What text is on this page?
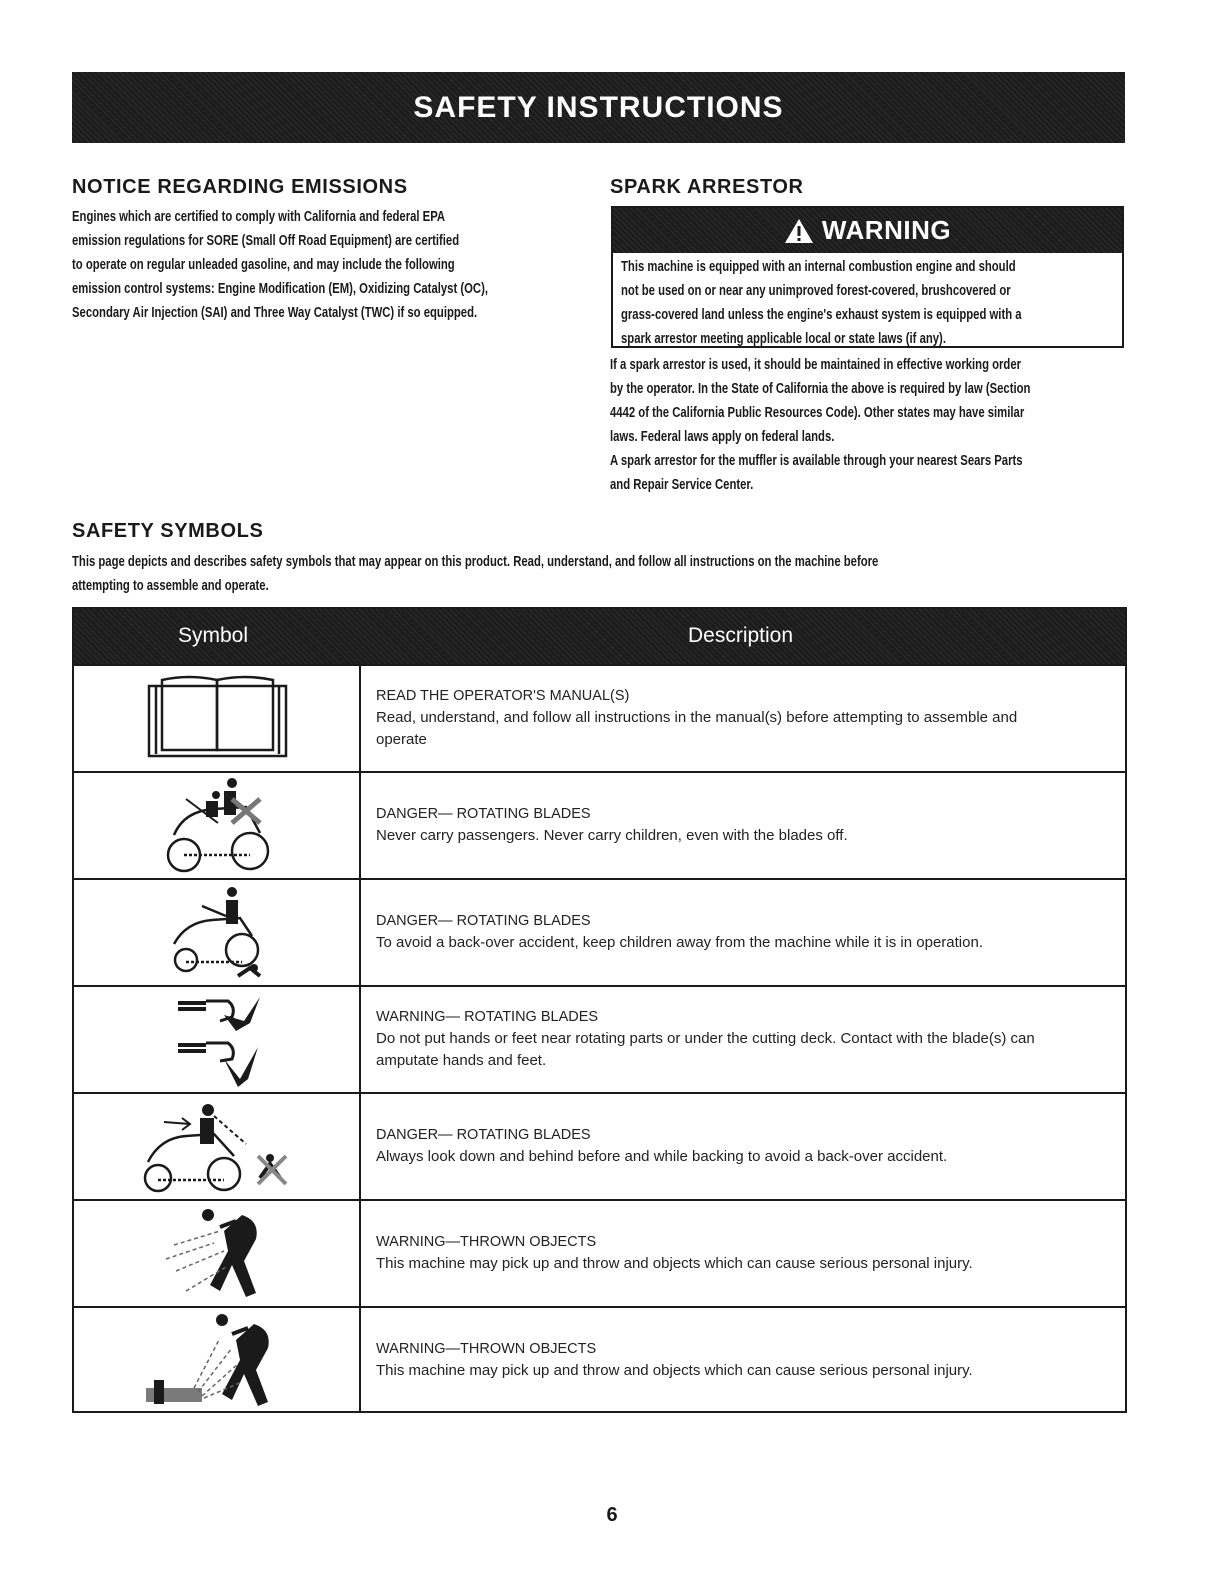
SAFETY INSTRUCTIONS
NOTICE REGARDING EMISSIONS
Engines which are certified to comply with California and federal EPA
emission regulations for SORE (Small Off Road Equipment) are certified
to operate on regular unleaded gasoline, and may include the following
emission control systems: Engine Modification (EM), Oxidizing Catalyst (OC),
Secondary Air Injection (SAI) and Three Way Catalyst (TWC) if so equipped.
SPARK ARRESTOR
WARNING
This machine is equipped with an internal combustion engine and should
not be used on or near any unimproved forest-covered, brushcovered or
grass-covered land unless the engine's exhaust system is equipped with a
spark arrestor meeting applicable local or state laws (if any).
If a spark arrestor is used, it should be maintained in effective working order
by the operator. In the State of California the above is required by law (Section
4442 of the California Public Resources Code). Other states may have similar
laws. Federal laws apply on federal lands.
A spark arrestor for the muffler is available through your nearest Sears Parts
and Repair Service Center.
SAFETY SYMBOLS
This page depicts and describes safety symbols that may appear on this product. Read, understand, and follow all instructions on the machine before
attempting to assemble and operate.
Symbol	Description
READ THE OPERATOR'S MANUAL(S)
Read, understand, and follow all instructions in the manual(s) before attempting to assemble and
operate
DANGER— ROTATING BLADES
Never carry passengers. Never carry children, even with the blades off.
DANGER— ROTATING BLADES
To avoid a back-over accident, keep children away from the machine while it is in operation.
WARNING— ROTATING BLADES
Do not put hands or feet near rotating parts or under the cutting deck. Contact with the blade(s) can
amputate hands and feet.
DANGER— ROTATING BLADES
Always look down and behind before and while backing to avoid a back-over accident.
WARNING—THROWN OBJECTS
This machine may pick up and throw and objects which can cause serious personal injury.
WARNING—THROWN OBJECTS
This machine may pick up and throw and objects which can cause serious personal injury.
6
